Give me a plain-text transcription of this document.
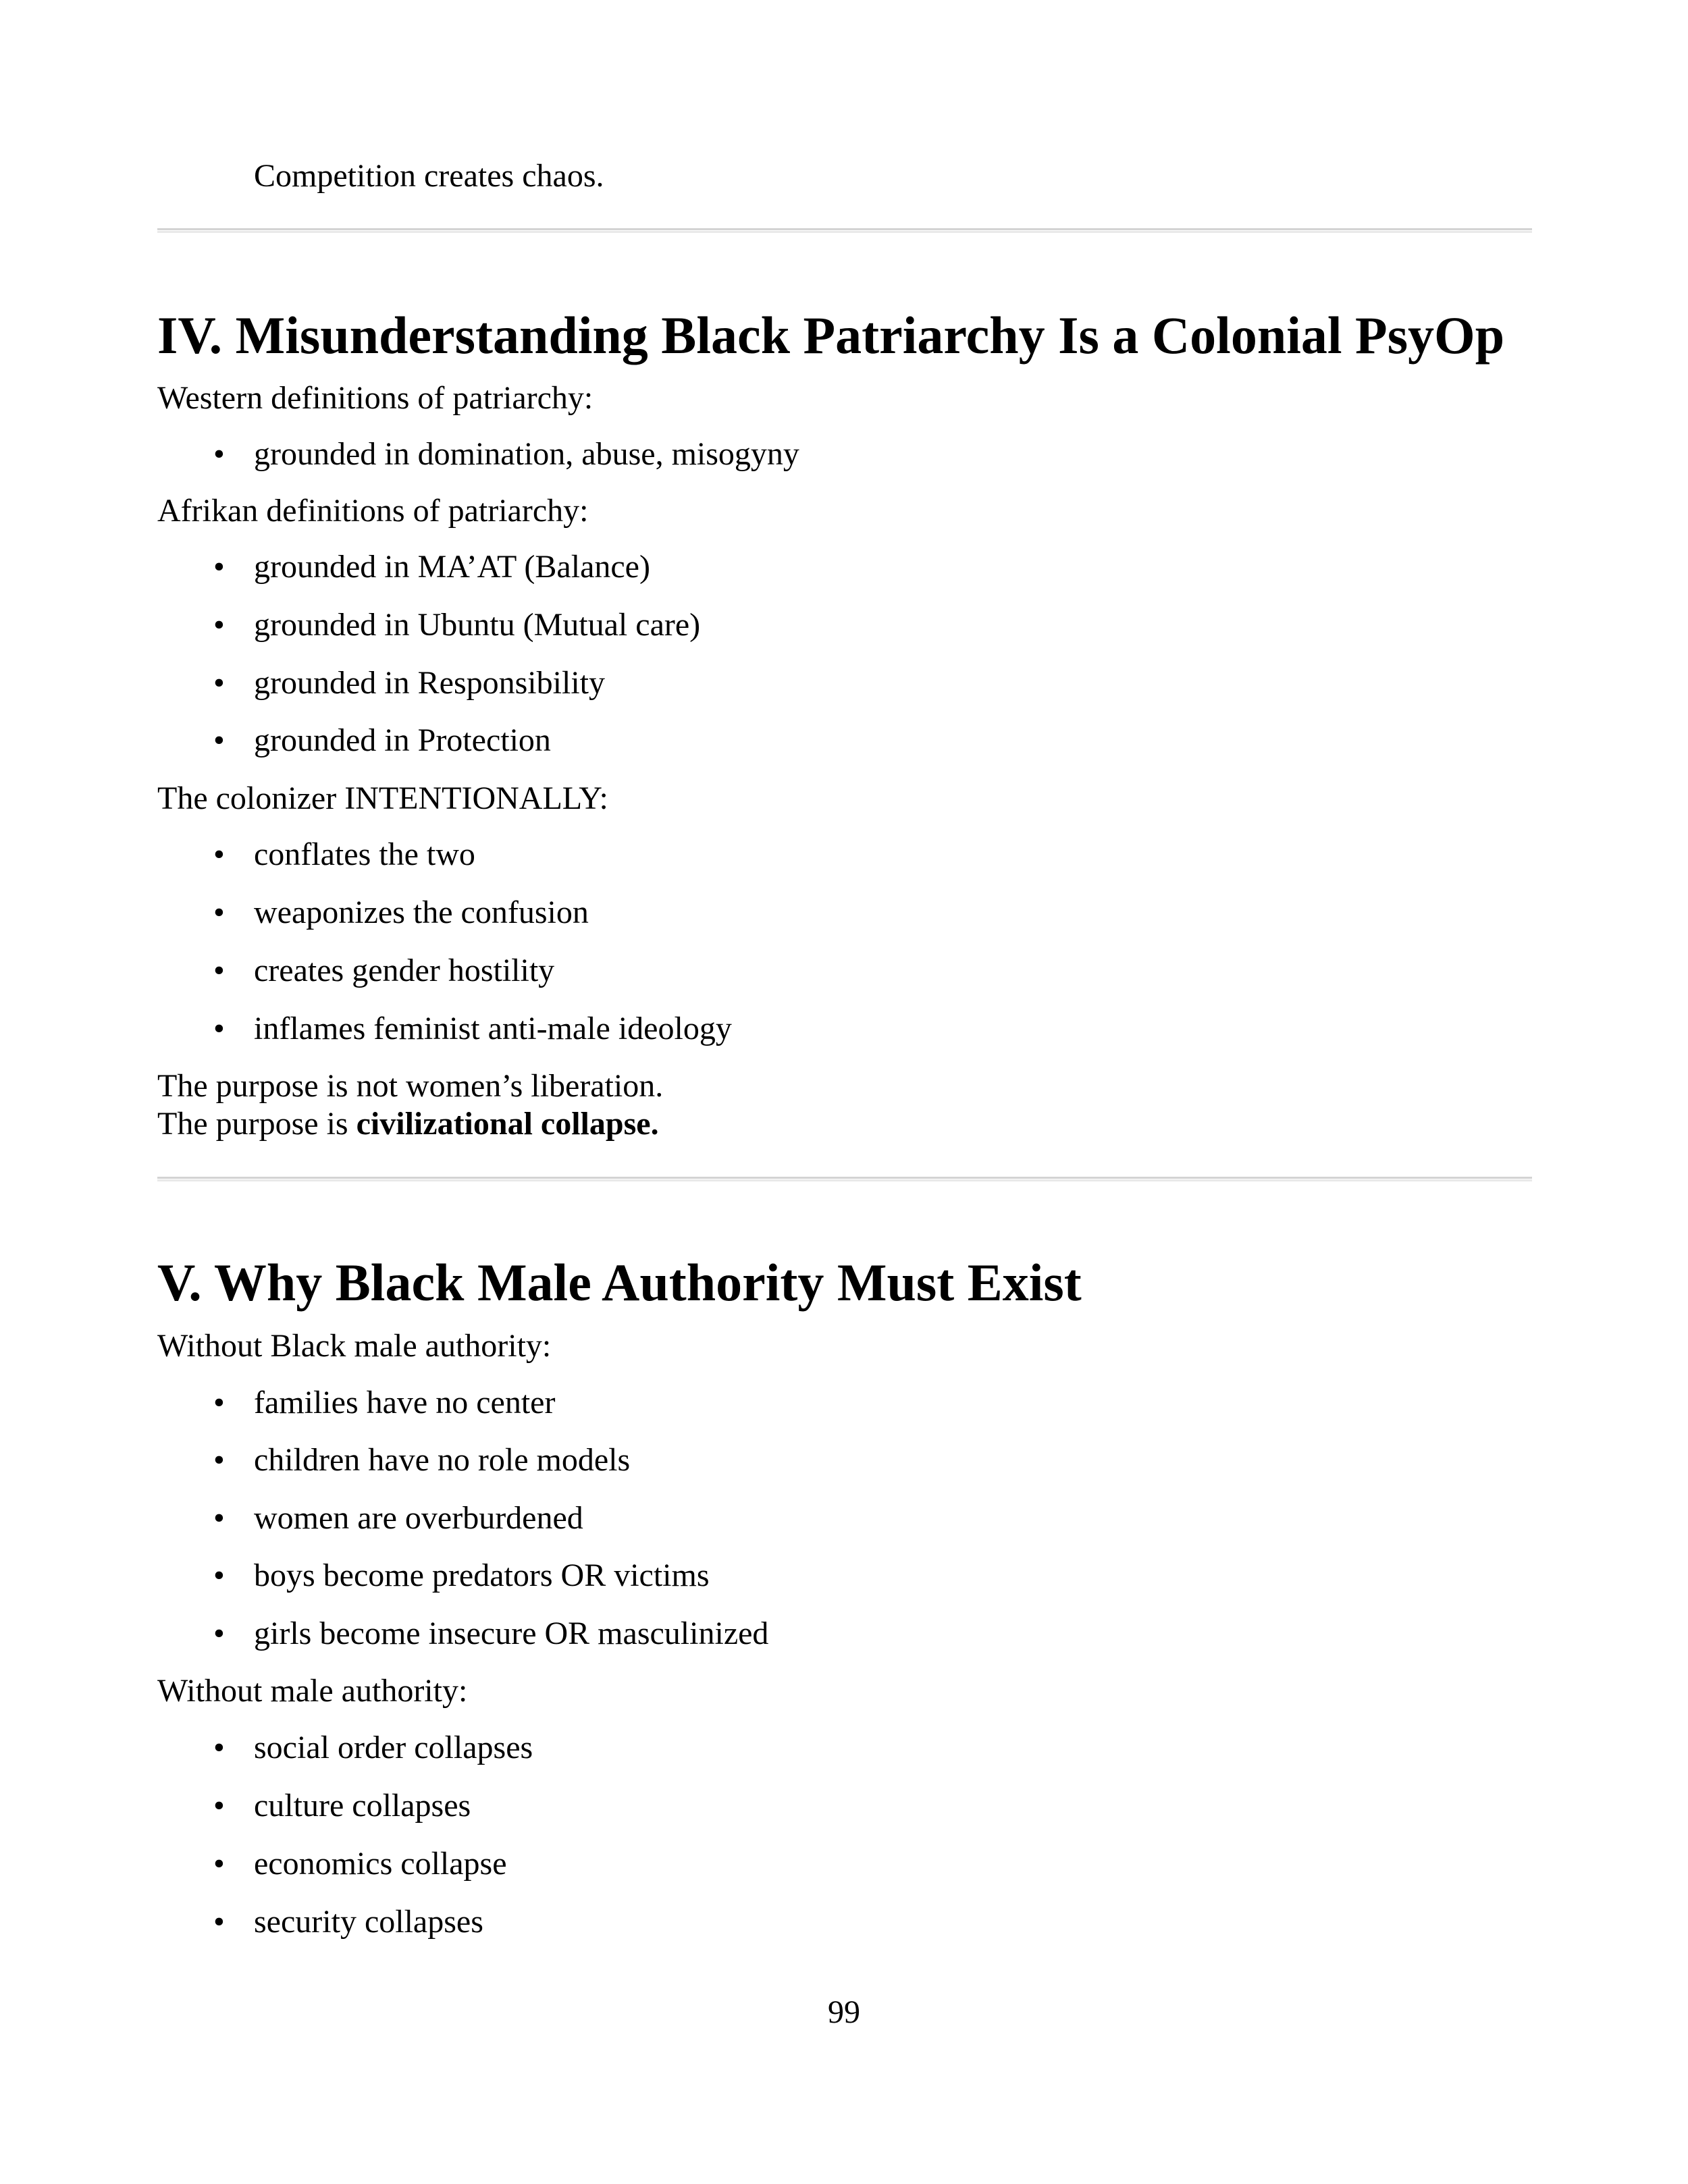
Competition creates chaos.
IV. Misunderstanding Black Patriarchy Is a Colonial PsyOp
Western definitions of patriarchy:
• grounded in domination, abuse, misogyny
Afrikan definitions of patriarchy:
• grounded in MA’AT (Balance)
• grounded in Ubuntu (Mutual care)
• grounded in Responsibility
• grounded in Protection
The colonizer INTENTIONALLY:
• conflates the two
• weaponizes the confusion
• creates gender hostility
• inflames feminist anti-male ideology
The purpose is not women’s liberation.
The purpose is civilizational collapse.
V. Why Black Male Authority Must Exist
Without Black male authority:
• families have no center
• children have no role models
• women are overburdened
• boys become predators OR victims
• girls become insecure OR masculinized
Without male authority:
• social order collapses
• culture collapses
• economics collapse
• security collapses
99
